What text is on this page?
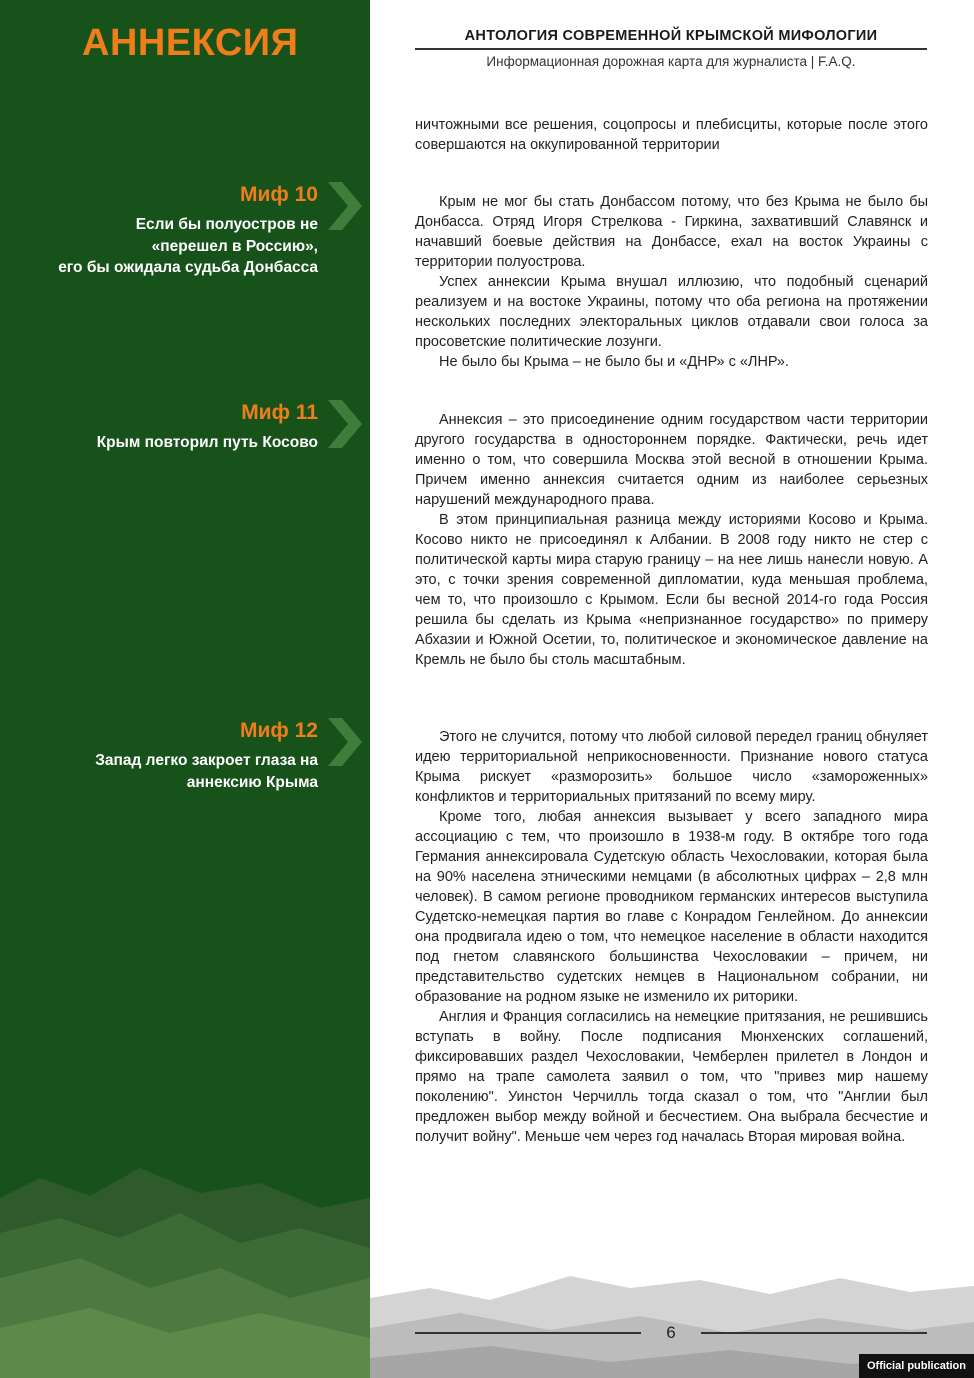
АННЕКСИЯ

Миф 10

Если бы полуостров не
«перешел в Россию»,
его бы ожидала судьба Донбасса

Миф 11

Крым повторил путь Косово

Миф 12

Запад легко закроет глаза на
аннексию Крыма

АНТОЛОГИЯ СОВРЕМЕННОЙ КРЫМСКОЙ МИФОЛОГИИ

Информационная дорожная карта для журналиста | F.A.Q.

ничтожными все решения, соцопросы и плебисциты, которые после этого совершаются на оккупированной территории

Крым не мог бы стать Донбассом потому, что без Крыма не было бы Донбасса. Отряд Игоря Стрелкова - Гиркина, захвативший Славянск и начавший боевые действия на Донбассе, ехал на восток Украины с территории полуострова.

Успех аннексии Крыма внушал иллюзию, что подобный сценарий реализуем и на востоке Украины, потому что оба региона на протяжении нескольких последних электоральных циклов отдавали свои голоса за просоветские политические лозунги.

Не было бы Крыма – не было бы и «ДНР» с «ЛНР».

Аннексия – это присоединение одним государством части территории другого государства в одностороннем порядке. Фактически, речь идет именно о том, что совершила Москва этой весной в отношении Крыма. Причем именно аннексия считается одним из наиболее серьезных нарушений международного права.

В этом принципиальная разница между историями Косово и Крыма. Косово никто не присоединял к Албании. В 2008 году никто не стер с политической карты мира старую границу – на нее лишь нанесли новую. А это, с точки зрения современной дипломатии, куда меньшая проблема, чем то, что произошло с Крымом. Если бы весной 2014-го года Россия решила бы сделать из Крыма «непризнанное государство» по примеру Абхазии и Южной Осетии, то, политическое и экономическое давление на Кремль не было бы столь масштабным.

Этого не случится, потому что любой силовой передел границ обнуляет идею территориальной неприкосновенности. Признание нового статуса Крыма рискует «разморозить» большое число «замороженных» конфликтов и территориальных притязаний по всему миру.

Кроме того, любая аннексия вызывает у всего западного мира ассоциацию с тем, что произошло в 1938-м году. В октябре того года Германия аннексировала Судетскую область Чехословакии, которая была на 90% населена этническими немцами (в абсолютных цифрах – 2,8 млн человек). В самом регионе проводником германских интересов выступила Судетско-немецкая партия во главе с Конрадом Генлейном. До аннексии она продвигала идею о том, что немецкое население в области находится под гнетом славянского большинства Чехословакии – причем, ни представительство судетских немцев в Национальном собрании, ни образование на родном языке не изменило их риторики.

Англия и Франция согласились на немецкие притязания, не решившись вступать в войну. После подписания Мюнхенских соглашений, фиксировавших раздел Чехословакии, Чемберлен прилетел в Лондон и прямо на трапе самолета заявил о том, что "привез мир нашему поколению". Уинстон Черчилль тогда сказал о том, что "Англии был предложен выбор между войной и бесчестием. Она выбрала бесчестие и получит войну". Меньше чем через год началась Вторая мировая война.

6
Official publication
